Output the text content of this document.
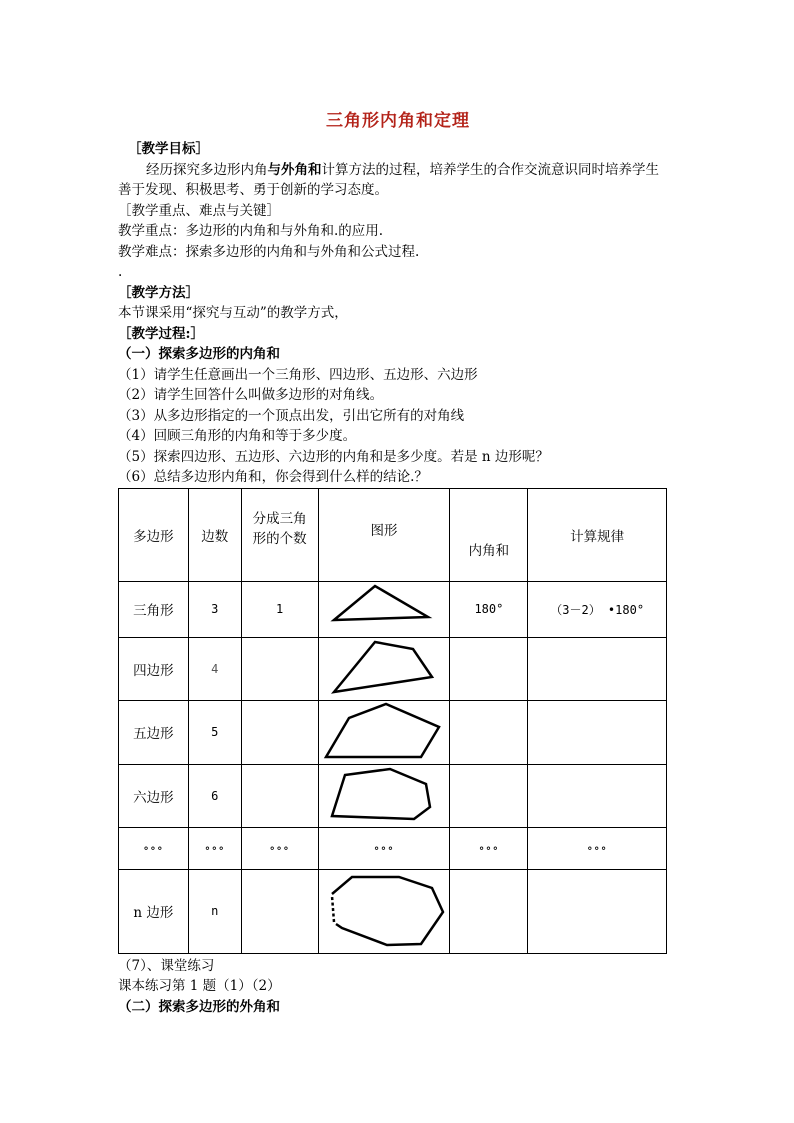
三角形内角和定理
［教学目标］
经历探究多边形内角与外角和计算方法的过程，培养学生的合作交流意识同时培养学生
善于发现、积极思考、勇于创新的学习态度。
［教学重点、难点与关键］
教学重点：多边形的内角和与外角和.的应用.
教学难点：探索多边形的内角和与外角和公式过程.
.
［教学方法］
本节课采用“探究与互动”的教学方式，
［教学过程:］
（一）探索多边形的内角和
（1）请学生任意画出一个三角形、四边形、五边形、六边形
（2）请学生回答什么叫做多边形的对角线。
（3）从多边形指定的一个顶点出发，引出它所有的对角线
（4）回顾三角形的内角和等于多少度。
（5）探索四边形、五边形、六边形的内角和是多少度。若是 n 边形呢？
（6）总结多边形内角和，你会得到什么样的结论.？
多边形	边数	分成三角
形的个数	图形	内角和	计算规律
三角形	3	1		180°	（3－2） •180°
四边形	4		

五边形	5		

六边形	6		

∘∘∘	∘∘∘	∘∘∘	∘∘∘	∘∘∘	∘∘∘
n 边形	n		

（7）、课堂练习
课本练习第 1 题（1）（2）
（二）探索多边形的外角和
